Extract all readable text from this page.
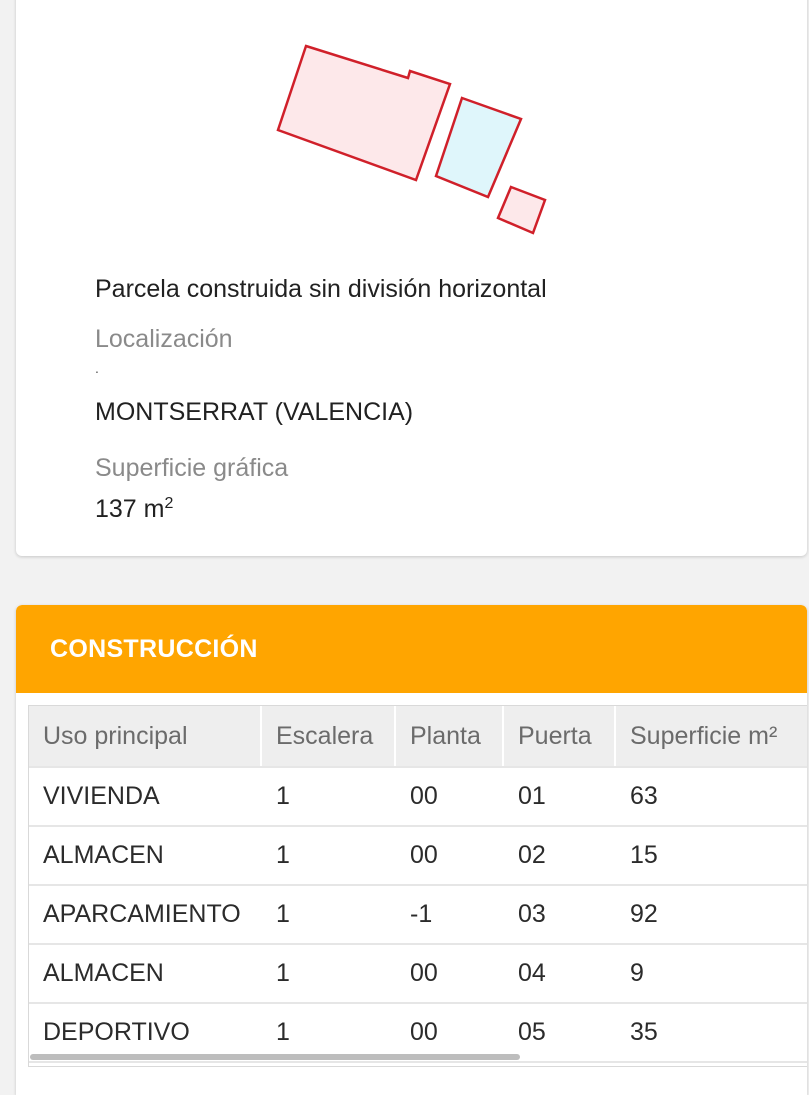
Parcela construida sin división horizontal
Localización
.
MONTSERRAT (VALENCIA)
Superficie gráfica
137 $m^2$
CONSTRUCCIÓN
Uso principal	Escalera	Planta	Puerta	Superficie m²
VIVIENDA	1	00	01	63
ALMACEN	1	00	02	15
APARCAMIENTO	1	-1	03	92
ALMACEN	1	00	04	9
DEPORTIVO	1	00	05	35
